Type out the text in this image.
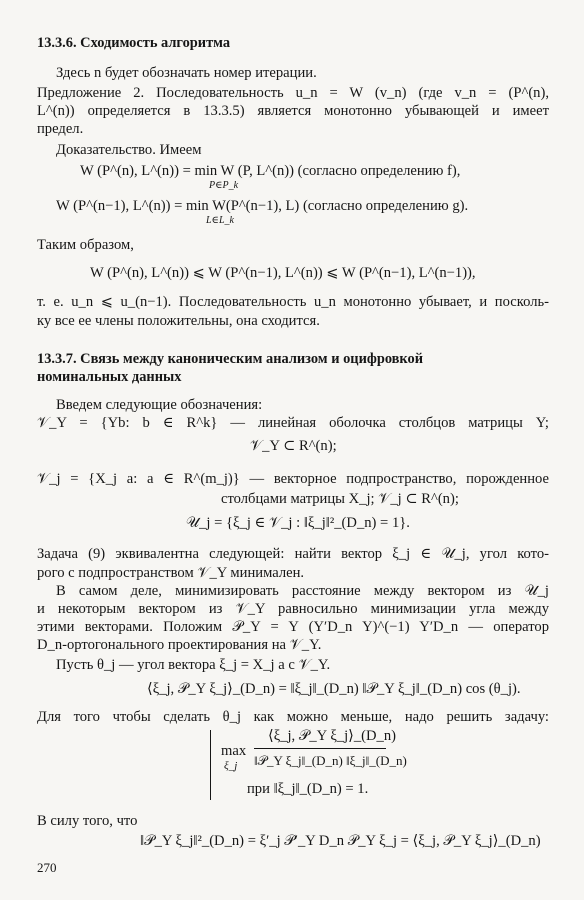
13.3.6. Сходимость алгоритма
Здесь n будет обозначать номер итерации.
Предложение 2. Последовательность u_n = W (v_n) (где v_n = (P^(n),
L^(n)) определяется в 13.3.5) является монотонно убывающей и имеет
предел.
Доказательство. Имеем
W (P^(n), L^(n)) = min W (P, L^(n)) (согласно определению f),
P∈P_k
W (P^(n−1), L^(n)) = min W(P^(n−1), L) (согласно определению g).
L∈L_k
Таким образом,
W (P^(n), L^(n)) ⩽ W (P^(n−1), L^(n)) ⩽ W (P^(n−1), L^(n−1)),
т. е. u_n ⩽ u_(n−1). Последовательность u_n монотонно убывает, и посколь-
ку все ее члены положительны, она сходится.
13.3.7. Связь между каноническим анализом и оцифровкой
номинальных данных
Введем следующие обозначения:
𝒱_Y = {Yb: b ∈ R^k} — линейная оболочка столбцов матрицы Y;
𝒱_Y ⊂ R^(n);
𝒱_j = {X_j a: a ∈ R^(m_j)} — векторное подпространство, порожденное
столбцами матрицы X_j; 𝒱_j ⊂ R^(n);
𝒰_j = {ξ_j ∈ 𝒱_j : ‖ξ_j‖²_(D_n) = 1}.
Задача (9) эквивалентна следующей: найти вектор ξ_j ∈ 𝒰_j, угол кото-
рого с подпространством 𝒱_Y минимален.
В самом деле, минимизировать расстояние между вектором из 𝒰_j
и некоторым вектором из 𝒱_Y равносильно минимизации угла между
этими векторами. Положим 𝒫_Y = Y (Y′D_n Y)^(−1) Y′D_n — оператор
D_n-ортогонального проектирования на 𝒱_Y.
Пусть θ_j — угол вектора ξ_j = X_j a с 𝒱_Y.
⟨ξ_j, 𝒫_Y ξ_j⟩_(D_n) = ‖ξ_j‖_(D_n) ‖𝒫_Y ξ_j‖_(D_n) cos (θ_j).
Для того чтобы сделать θ_j как можно меньше, надо решить задачу:
max
ξ_j
⟨ξ_j, 𝒫_Y ξ_j⟩_(D_n)
‖𝒫_Y ξ_j‖_(D_n) ‖ξ_j‖_(D_n)
при ‖ξ_j‖_(D_n) = 1.
В силу того, что
‖𝒫_Y ξ_j‖²_(D_n) = ξ′_j 𝒫′_Y D_n 𝒫_Y ξ_j = ⟨ξ_j, 𝒫_Y ξ_j⟩_(D_n)
270
